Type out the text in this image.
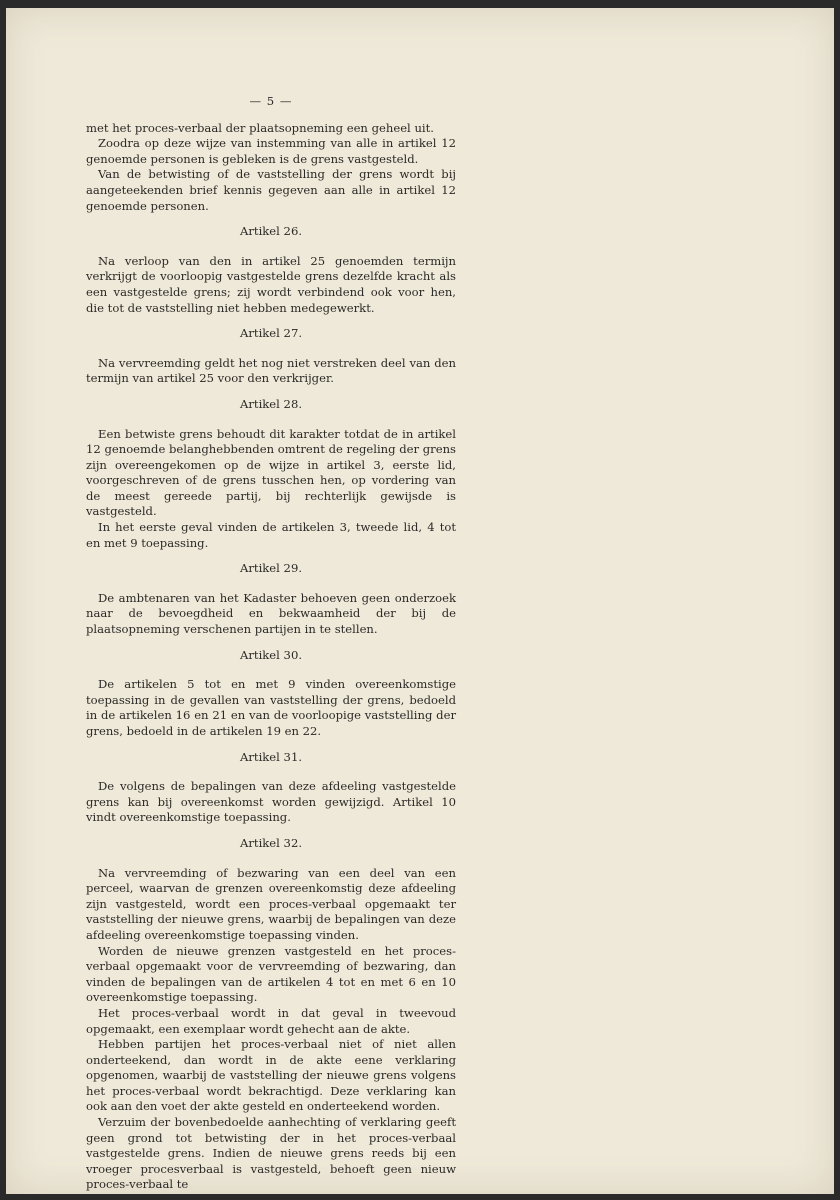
— 5 —

met het proces-verbaal der plaatsopneming een geheel uit.

Zoodra op deze wijze van instemming van alle in artikel 12 genoemde personen is gebleken is de grens vastgesteld.

Van de betwisting of de vaststelling der grens wordt bij aangeteekenden brief kennis gegeven aan alle in artikel 12 genoemde personen.

Artikel 26.

Na verloop van den in artikel 25 genoemden termijn verkrijgt de voorloopig vastgestelde grens dezelfde kracht als een vastgestelde grens; zij wordt verbindend ook voor hen, die tot de vaststelling niet hebben medegewerkt.

Artikel 27.

Na vervreemding geldt het nog niet verstreken deel van den termijn van artikel 25 voor den verkrijger.

Artikel 28.

Een betwiste grens behoudt dit karakter totdat de in artikel 12 genoemde belanghebbenden omtrent de regeling der grens zijn overeengekomen op de wijze in artikel 3, eerste lid, voorgeschreven of de grens tusschen hen, op vordering van de meest gereede partij, bij rechterlijk gewijsde is vastgesteld.

In het eerste geval vinden de artikelen 3, tweede lid, 4 tot en met 9 toepassing.

Artikel 29.

De ambtenaren van het Kadaster behoeven geen onderzoek naar de bevoegdheid en bekwaamheid der bij de plaatsopneming verschenen partijen in te stellen.

Artikel 30.

De artikelen 5 tot en met 9 vinden overeenkomstige toepassing in de gevallen van vaststelling der grens, bedoeld in de artikelen 16 en 21 en van de voorloopige vaststelling der grens, bedoeld in de artikelen 19 en 22.

Artikel 31.

De volgens de bepalingen van deze afdeeling vastgestelde grens kan bij overeenkomst worden gewijzigd. Artikel 10 vindt overeenkomstige toepassing.

Artikel 32.

Na vervreemding of bezwaring van een deel van een perceel, waarvan de grenzen overeenkomstig deze afdeeling zijn vastgesteld, wordt een proces-verbaal opgemaakt ter vaststelling der nieuwe grens, waarbij de bepalingen van deze afdeeling overeenkomstige toepassing vinden.

Worden de nieuwe grenzen vastgesteld en het proces-verbaal opgemaakt voor de vervreemding of bezwaring, dan vinden de bepalingen van de artikelen 4 tot en met 6 en 10 overeenkomstige toepassing.

Het proces-verbaal wordt in dat geval in tweevoud opgemaakt, een exemplaar wordt gehecht aan de akte.

Hebben partijen het proces-verbaal niet of niet allen onderteekend, dan wordt in de akte eene verklaring opgenomen, waarbij de vaststelling der nieuwe grens volgens het proces-verbaal wordt bekrachtigd. Deze verklaring kan ook aan den voet der akte gesteld en onderteekend worden.

Verzuim der bovenbedoelde aanhechting of verklaring geeft geen grond tot betwisting der in het proces-verbaal vastgestelde grens. Indien de nieuwe grens reeds bij een vroeger procesverbaal is vastgesteld, behoeft geen nieuw proces-verbaal te
